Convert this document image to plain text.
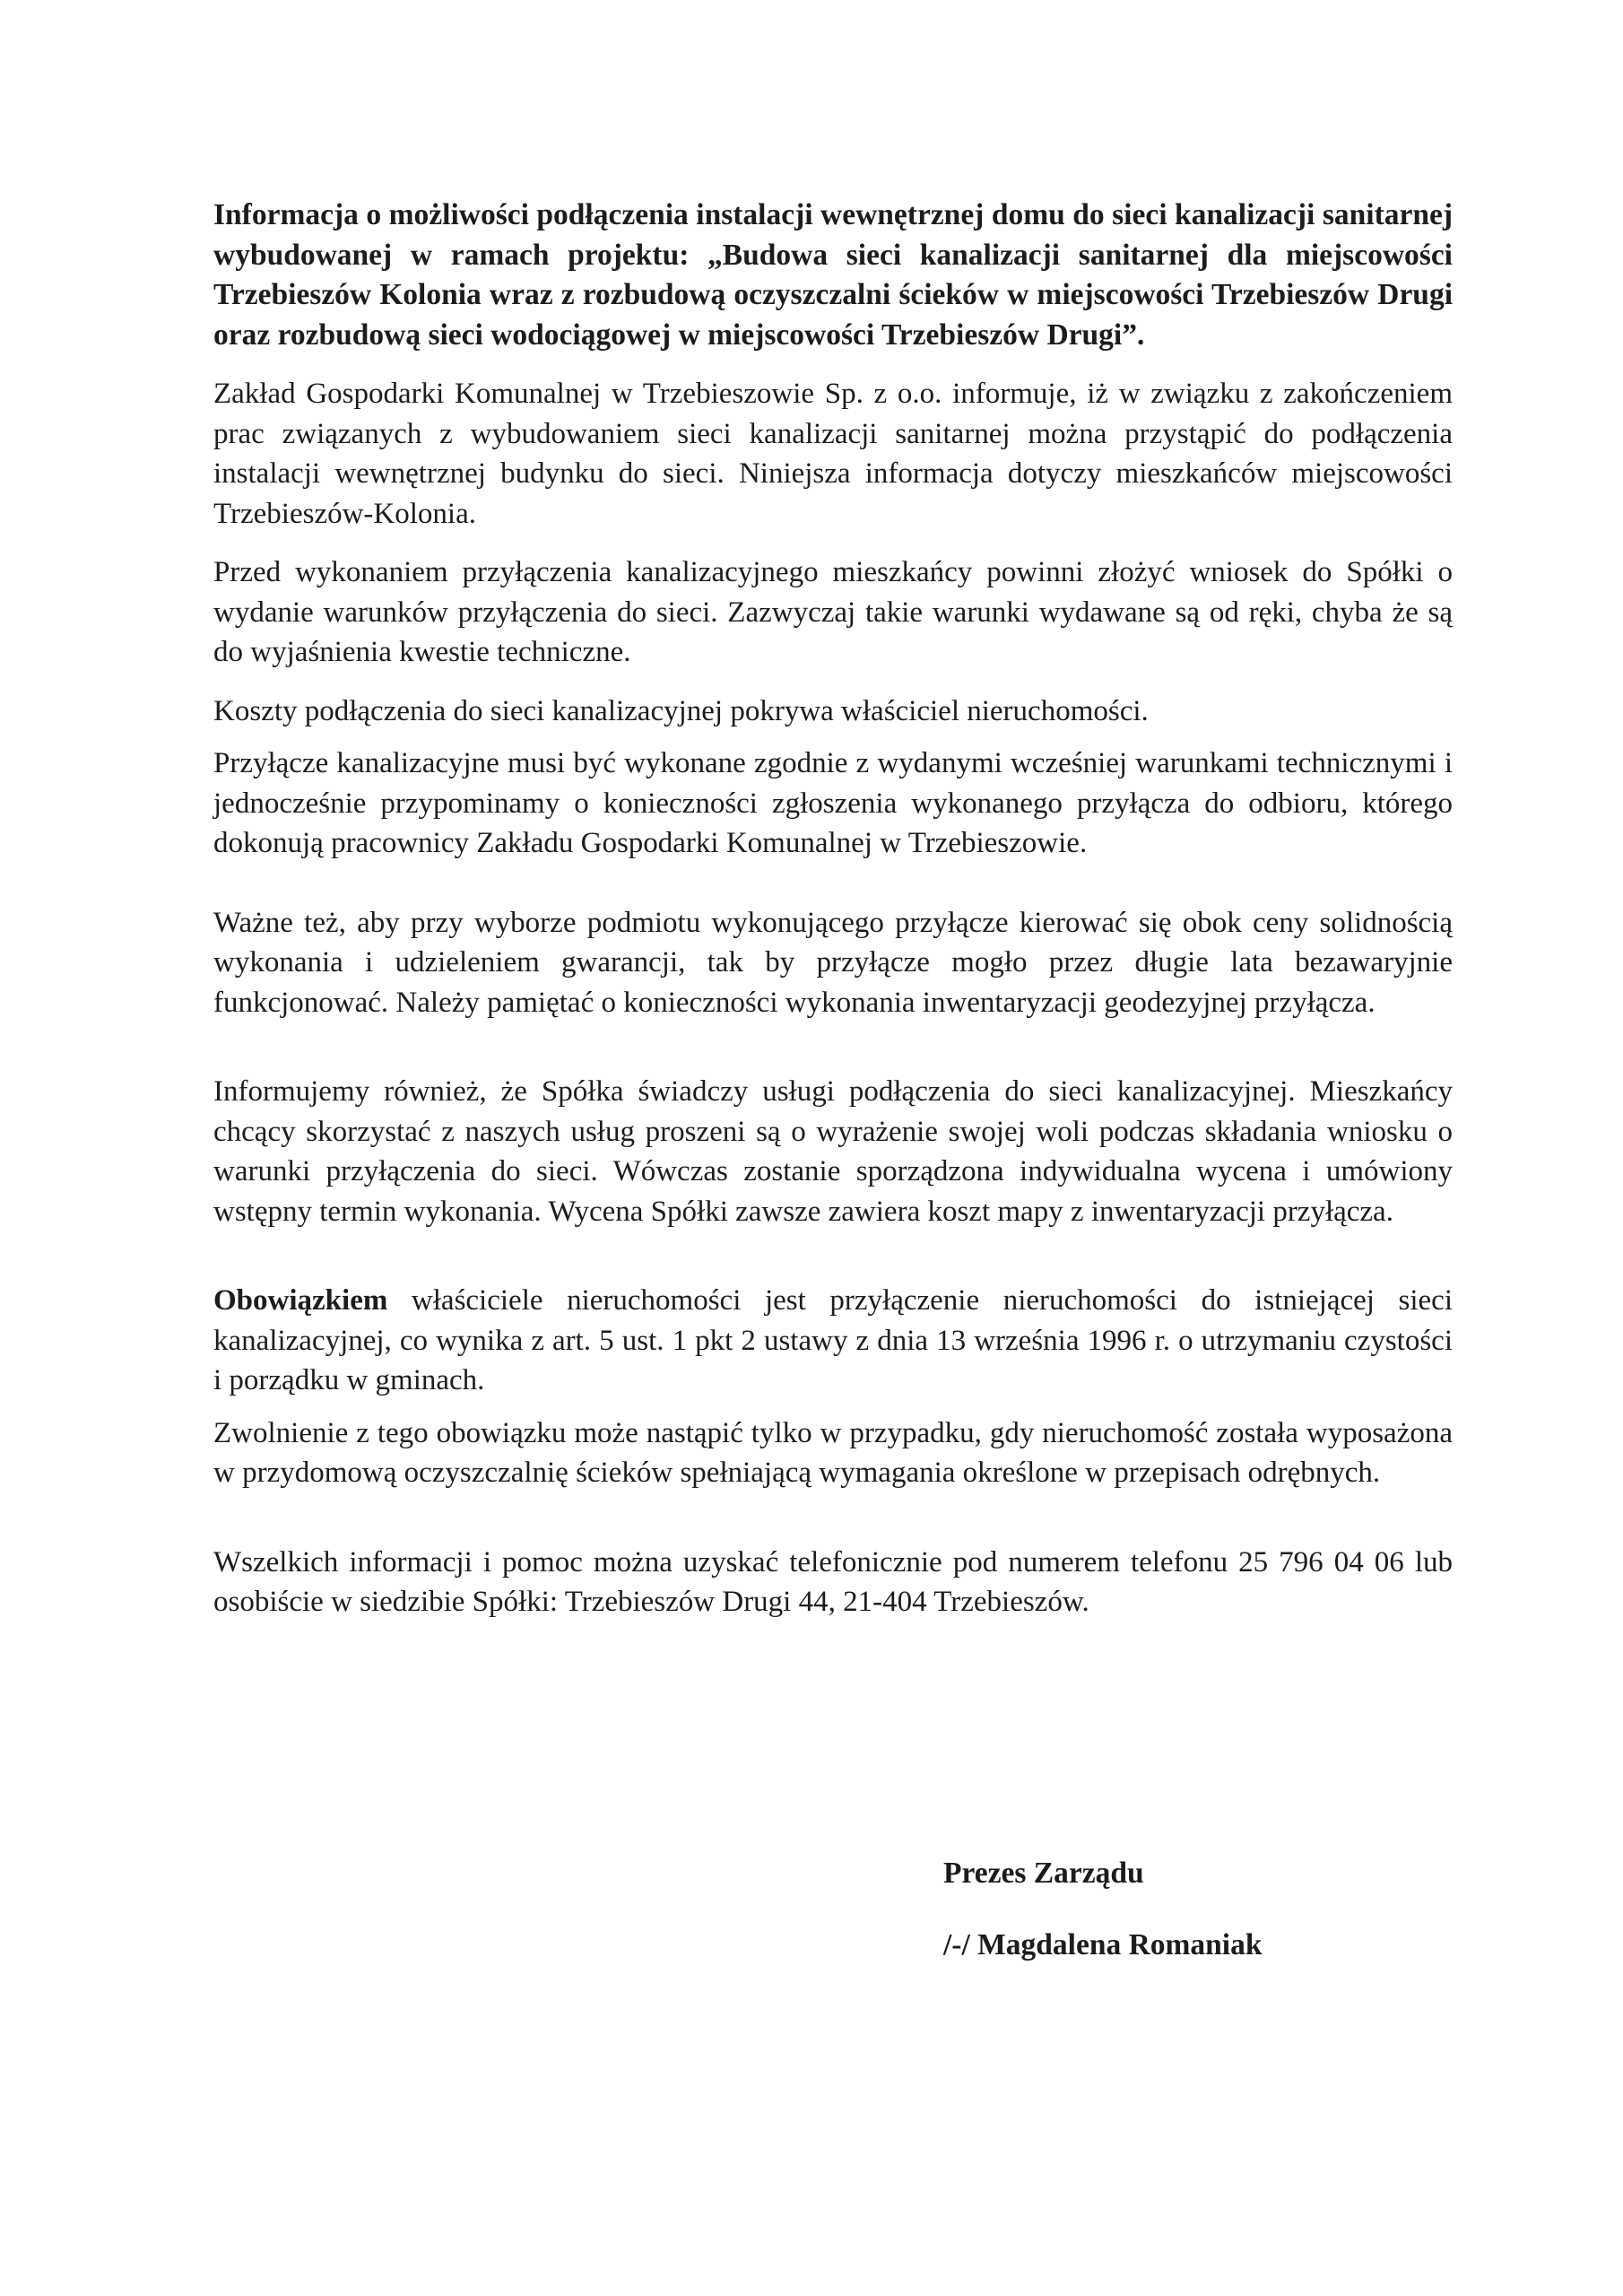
Informacja o możliwości podłączenia instalacji wewnętrznej domu do sieci kanalizacji sanitarnej wybudowanej w ramach projektu: „Budowa sieci kanalizacji sanitarnej dla miejscowości Trzebieszów Kolonia wraz z rozbudową oczyszczalni ścieków w miejscowości Trzebieszów Drugi oraz rozbudową sieci wodociągowej w miejscowości Trzebieszów Drugi”.

Zakład Gospodarki Komunalnej w Trzebieszowie Sp. z o.o. informuje, iż w związku z zakończeniem prac związanych z wybudowaniem sieci kanalizacji sanitarnej można przystąpić do podłączenia instalacji wewnętrznej budynku do sieci. Niniejsza informacja dotyczy mieszkańców miejscowości Trzebieszów-Kolonia.

Przed wykonaniem przyłączenia kanalizacyjnego mieszkańcy powinni złożyć wniosek do Spółki o wydanie warunków przyłączenia do sieci. Zazwyczaj takie warunki wydawane są od ręki, chyba że są do wyjaśnienia kwestie techniczne.

Koszty podłączenia do sieci kanalizacyjnej pokrywa właściciel nieruchomości.

Przyłącze kanalizacyjne musi być wykonane zgodnie z wydanymi wcześniej warunkami technicznymi i jednocześnie przypominamy o konieczności zgłoszenia wykonanego przyłącza do odbioru, którego dokonują pracownicy Zakładu Gospodarki Komunalnej w Trzebieszowie.

Ważne też, aby przy wyborze podmiotu wykonującego przyłącze kierować się obok ceny solidnością wykonania i udzieleniem gwarancji, tak by przyłącze mogło przez długie lata bezawaryjnie funkcjonować. Należy pamiętać o konieczności wykonania inwentaryzacji geodezyjnej przyłącza.

Informujemy również, że Spółka świadczy usługi podłączenia do sieci kanalizacyjnej. Mieszkańcy chcący skorzystać z naszych usług proszeni są o wyrażenie swojej woli podczas składania wniosku o warunki przyłączenia do sieci. Wówczas zostanie sporządzona indywidualna wycena i umówiony wstępny termin wykonania. Wycena Spółki zawsze zawiera koszt mapy z inwentaryzacji przyłącza.

Obowiązkiem właściciele nieruchomości jest przyłączenie nieruchomości do istniejącej sieci kanalizacyjnej, co wynika z art. 5 ust. 1 pkt 2 ustawy z dnia 13 września 1996 r. o utrzymaniu czystości i porządku w gminach.

Zwolnienie z tego obowiązku może nastąpić tylko w przypadku, gdy nieruchomość została wyposażona w przydomową oczyszczalnię ścieków spełniającą wymagania określone w przepisach odrębnych.

Wszelkich informacji i pomoc można uzyskać telefonicznie pod numerem telefonu 25 796 04 06 lub osobiście w siedzibie Spółki: Trzebieszów Drugi 44, 21-404 Trzebieszów.

Prezes Zarządu
/-/ Magdalena Romaniak
